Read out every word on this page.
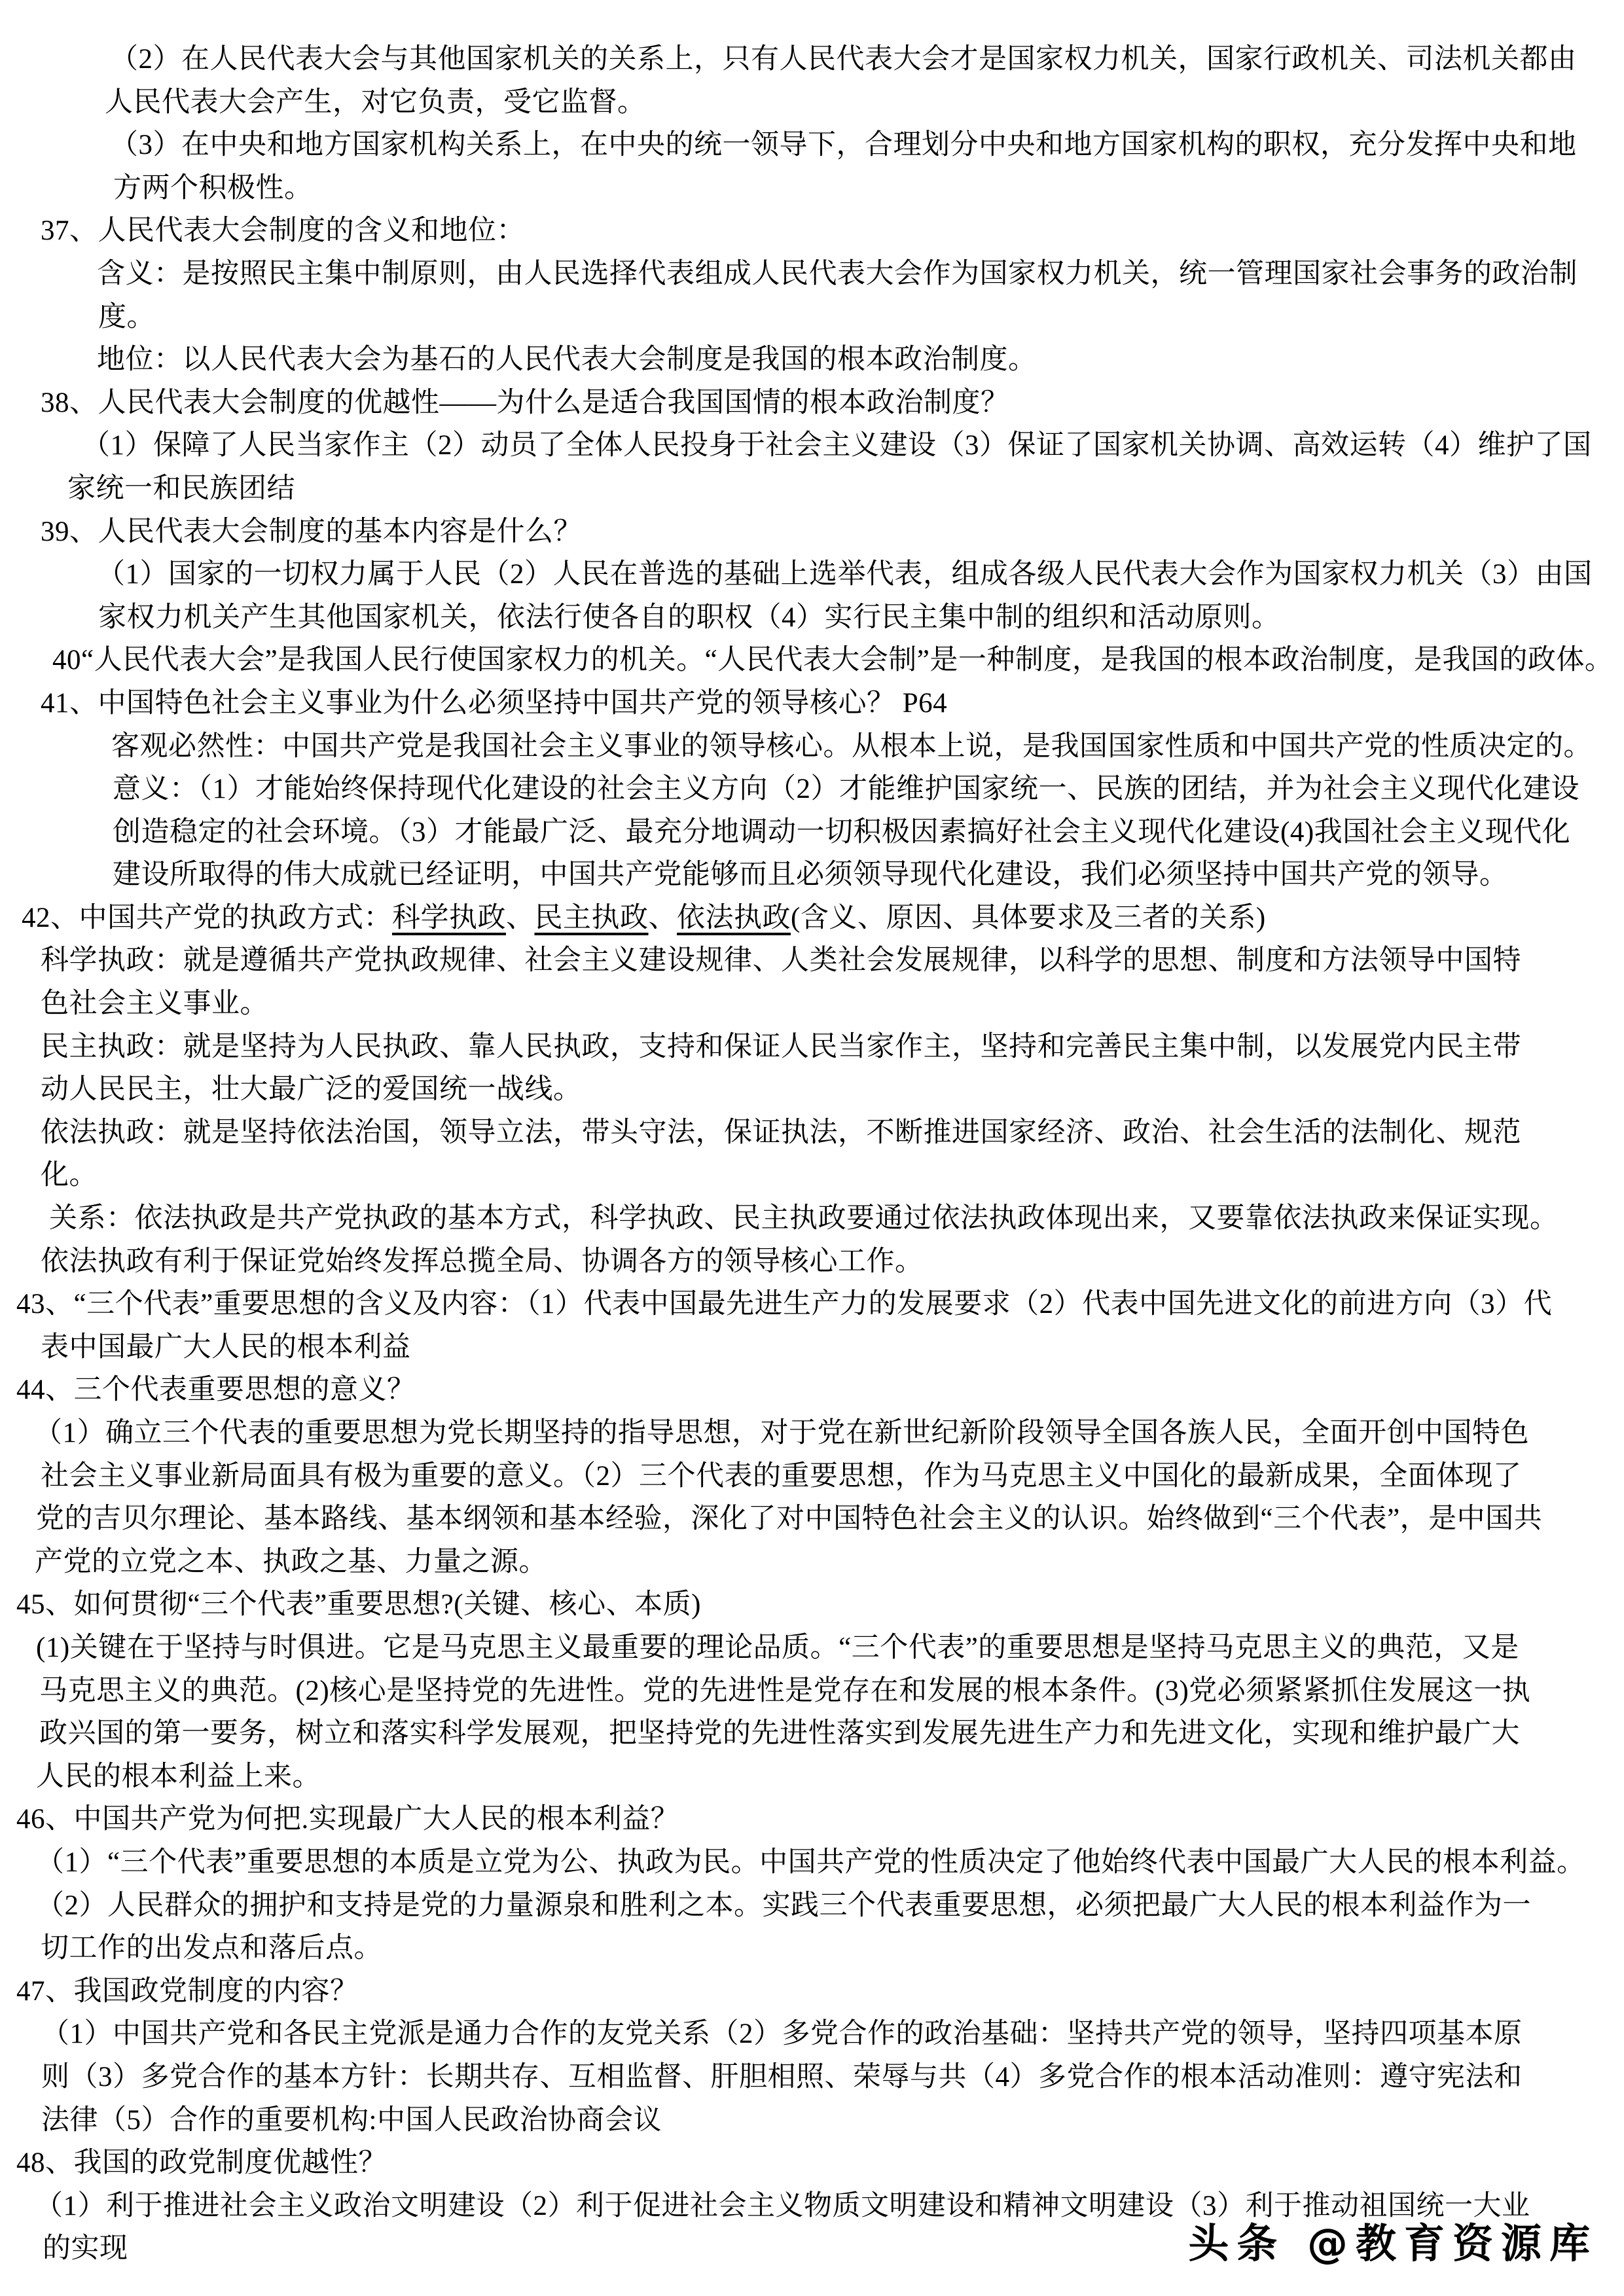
（2）在人民代表大会与其他国家机关的关系上，只有人民代表大会才是国家权力机关，国家行政机关、司法机关都由
人民代表大会产生，对它负责，受它监督。
（3）在中央和地方国家机构关系上，在中央的统一领导下，合理划分中央和地方国家机构的职权，充分发挥中央和地
方两个积极性。
37、人民代表大会制度的含义和地位：
含义：是按照民主集中制原则，由人民选择代表组成人民代表大会作为国家权力机关，统一管理国家社会事务的政治制
度。
地位：以人民代表大会为基石的人民代表大会制度是我国的根本政治制度。
38、人民代表大会制度的优越性——为什么是适合我国国情的根本政治制度？
（1）保障了人民当家作主（2）动员了全体人民投身于社会主义建设（3）保证了国家机关协调、高效运转（4）维护了国
家统一和民族团结
39、人民代表大会制度的基本内容是什么？
（1）国家的一切权力属于人民（2）人民在普选的基础上选举代表，组成各级人民代表大会作为国家权力机关（3）由国
家权力机关产生其他国家机关，依法行使各自的职权（4）实行民主集中制的组织和活动原则。
40“人民代表大会”是我国人民行使国家权力的机关。“人民代表大会制”是一种制度，是我国的根本政治制度，是我国的政体。
41、中国特色社会主义事业为什么必须坚持中国共产党的领导核心？ P64
客观必然性：中国共产党是我国社会主义事业的领导核心。从根本上说，是我国国家性质和中国共产党的性质决定的。
意义：（1）才能始终保持现代化建设的社会主义方向（2）才能维护国家统一、民族的团结，并为社会主义现代化建设
创造稳定的社会环境。（3）才能最广泛、最充分地调动一切积极因素搞好社会主义现代化建设(4)我国社会主义现代化
建设所取得的伟大成就已经证明，中国共产党能够而且必须领导现代化建设，我们必须坚持中国共产党的领导。
42、中国共产党的执政方式：科学执政、民主执政、依法执政(含义、原因、具体要求及三者的关系)
科学执政：就是遵循共产党执政规律、社会主义建设规律、人类社会发展规律，以科学的思想、制度和方法领导中国特
色社会主义事业。
民主执政：就是坚持为人民执政、靠人民执政，支持和保证人民当家作主，坚持和完善民主集中制，以发展党内民主带
动人民民主，壮大最广泛的爱国统一战线。
依法执政：就是坚持依法治国，领导立法，带头守法，保证执法，不断推进国家经济、政治、社会生活的法制化、规范
化。
关系：依法执政是共产党执政的基本方式，科学执政、民主执政要通过依法执政体现出来，又要靠依法执政来保证实现。
依法执政有利于保证党始终发挥总揽全局、协调各方的领导核心工作。
43、“三个代表”重要思想的含义及内容：（1）代表中国最先进生产力的发展要求（2）代表中国先进文化的前进方向（3）代
表中国最广大人民的根本利益
44、三个代表重要思想的意义？
（1）确立三个代表的重要思想为党长期坚持的指导思想，对于党在新世纪新阶段领导全国各族人民，全面开创中国特色
社会主义事业新局面具有极为重要的意义。（2）三个代表的重要思想，作为马克思主义中国化的最新成果，全面体现了
党的吉贝尔理论、基本路线、基本纲领和基本经验，深化了对中国特色社会主义的认识。始终做到“三个代表”，是中国共
产党的立党之本、执政之基、力量之源。
45、如何贯彻“三个代表”重要思想?(关键、核心、本质)
(1)关键在于坚持与时俱进。它是马克思主义最重要的理论品质。“三个代表”的重要思想是坚持马克思主义的典范，又是
马克思主义的典范。(2)核心是坚持党的先进性。党的先进性是党存在和发展的根本条件。(3)党必须紧紧抓住发展这一执
政兴国的第一要务，树立和落实科学发展观，把坚持党的先进性落实到发展先进生产力和先进文化，实现和维护最广大
人民的根本利益上来。
46、中国共产党为何把.实现最广大人民的根本利益？
（1）“三个代表”重要思想的本质是立党为公、执政为民。中国共产党的性质决定了他始终代表中国最广大人民的根本利益。
（2）人民群众的拥护和支持是党的力量源泉和胜利之本。实践三个代表重要思想，必须把最广大人民的根本利益作为一
切工作的出发点和落后点。
47、我国政党制度的内容？
（1）中国共产党和各民主党派是通力合作的友党关系（2）多党合作的政治基础：坚持共产党的领导，坚持四项基本原
则（3）多党合作的基本方针：长期共存、互相监督、肝胆相照、荣辱与共（4）多党合作的根本活动准则：遵守宪法和
法律（5）合作的重要机构:中国人民政治协商会议
48、我国的政党制度优越性？
（1）利于推进社会主义政治文明建设（2）利于促进社会主义物质文明建设和精神文明建设（3）利于推动祖国统一大业
的实现	头条 @教育资源库
